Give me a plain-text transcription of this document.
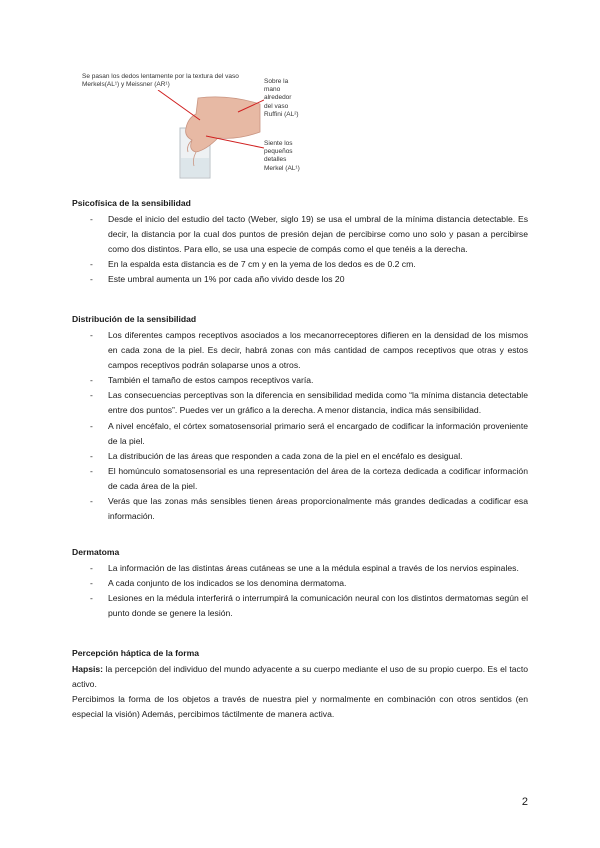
Se pasan los dedos lentamente por la textura del vaso
Merkels(AL¹) y Meissner (AR¹)	Sobre la
mano
alrededor
del vaso
Ruffini (AL²)
Siente los
pequeños
detalles
Merkel (AL¹)
Psicofísica de la sensibilidad
- Desde el inicio del estudio del tacto (Weber, siglo 19) se usa el umbral de la mínima distancia detectable. Es decir, la distancia por la cual dos puntos de presión dejan de percibirse como uno solo y pasan a percibirse como dos distintos. Para ello, se usa una especie de compás como el que tenéis a la derecha.
- En la espalda esta distancia es de 7 cm y en la yema de los dedos es de 0.2 cm.
- Este umbral aumenta un 1% por cada año vivido desde los 20
Distribución de la sensibilidad
- Los diferentes campos receptivos asociados a los mecanorreceptores difieren en la densidad de los mismos en cada zona de la piel. Es decir, habrá zonas con más cantidad de campos receptivos que otras y estos campos receptivos podrán solaparse unos a otros.
- También el tamaño de estos campos receptivos varía.
- Las consecuencias perceptivas son la diferencia en sensibilidad medida como “la mínima distancia detectable entre dos puntos”. Puedes ver un gráfico a la derecha. A menor distancia, indica más sensibilidad.
- A nivel encéfalo, el córtex somatosensorial primario será el encargado de codificar la información proveniente de la piel.
- La distribución de las áreas que responden a cada zona de la piel en el encéfalo es desigual.
- El homúnculo somatosensorial es una representación del área de la corteza dedicada a codificar información de cada área de la piel.
- Verás que las zonas más sensibles tienen áreas proporcionalmente más grandes dedicadas a codificar esa información.
Dermatoma
- La información de las distintas áreas cutáneas se une a la médula espinal a través de los nervios espinales.
- A cada conjunto de los indicados se los denomina dermatoma.
- Lesiones en la médula interferirá o interrumpirá la comunicación neural con los distintos dermatomas según el punto donde se genere la lesión.
Percepción háptica de la forma

Hapsis: la percepción del individuo del mundo adyacente a su cuerpo mediante el uso de su propio cuerpo. Es el tacto activo.

Percibimos la forma de los objetos a través de nuestra piel y normalmente en combinación con otros sentidos (en especial la visión) Además, percibimos táctilmente de manera activa.

2
